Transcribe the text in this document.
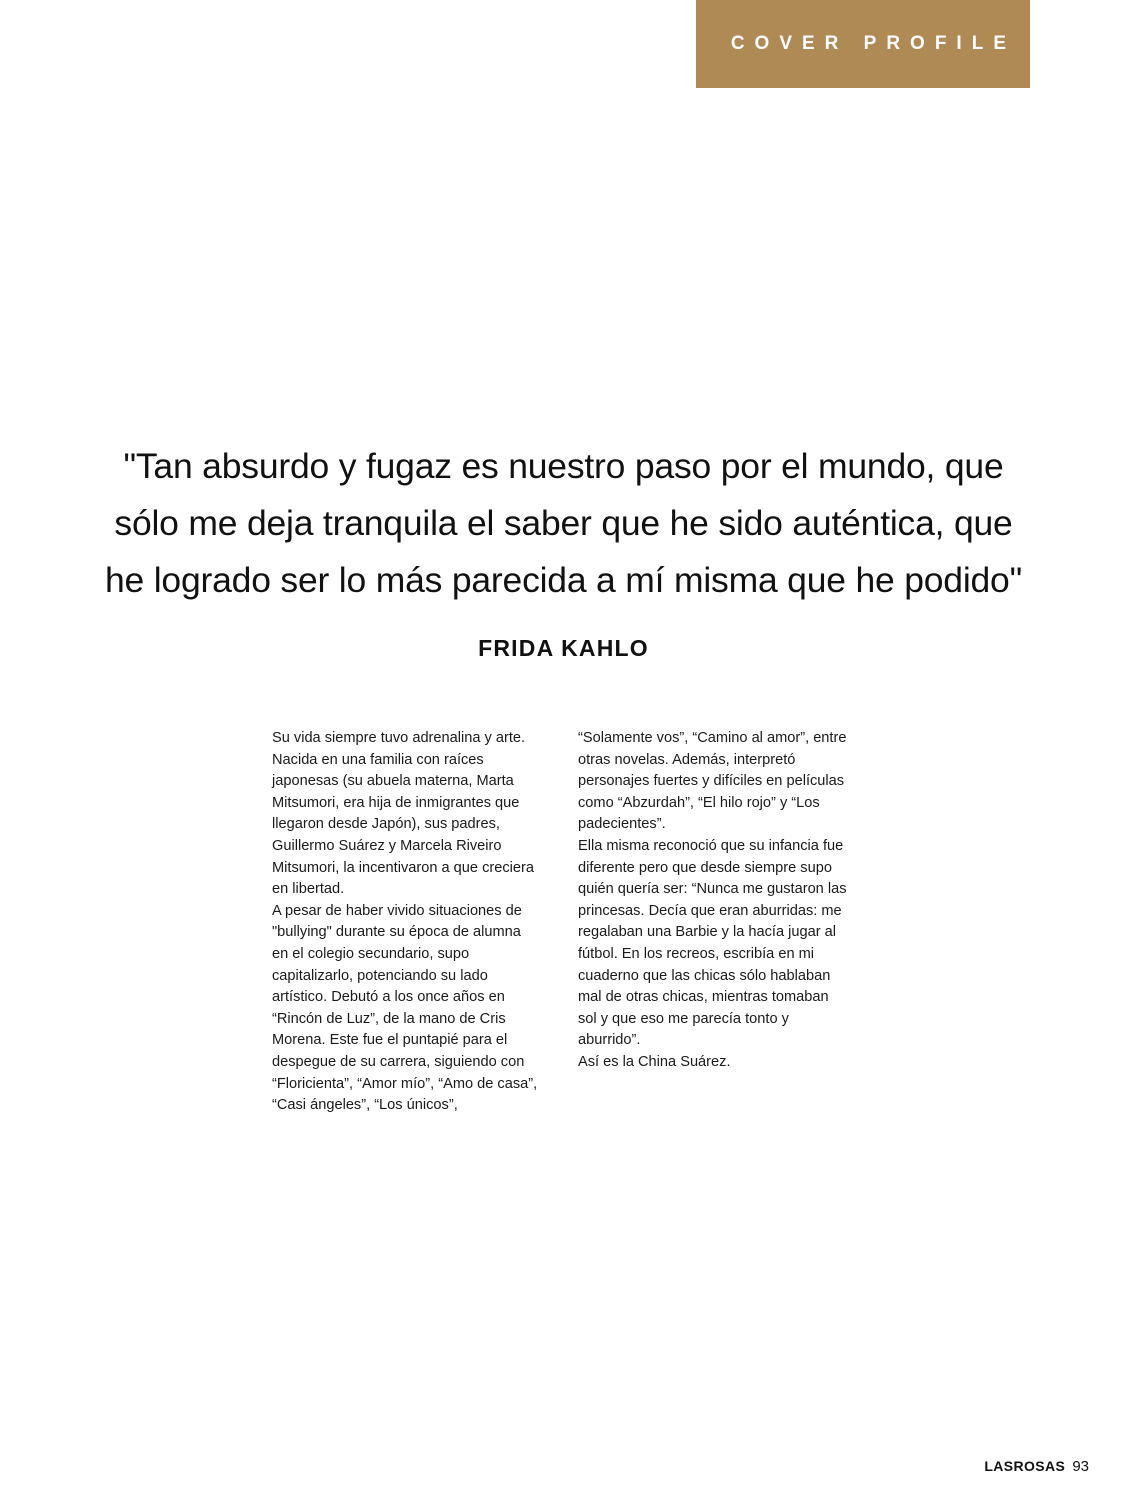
COVER PROFILE

"Tan absurdo y fugaz es nuestro paso por el mundo, que sólo me deja tranquila el saber que he sido auténtica, que he logrado ser lo más parecida a mí misma que he podido"

FRIDA KAHLO

Su vida siempre tuvo adrenalina y arte. Nacida en una familia con raíces japonesas (su abuela materna, Marta Mitsumori, era hija de inmigrantes que llegaron desde Japón), sus padres, Guillermo Suárez y Marcela Riveiro Mitsumori, la incentivaron a que creciera en libertad.
A pesar de haber vivido situaciones de "bullying" durante su época de alumna en el colegio secundario, supo capitalizarlo, potenciando su lado artístico. Debutó a los once años en “Rincón de Luz”, de la mano de Cris Morena. Este fue el puntapié para el despegue de su carrera, siguiendo con “Floricienta”, “Amor mío”, “Amo de casa”, “Casi ángeles”, “Los únicos”,

“Solamente vos”, “Camino al amor”, entre otras novelas. Además, interpretó personajes fuertes y difíciles en películas como “Abzurdah”, “El hilo rojo” y “Los padecientes”.
Ella misma reconoció que su infancia fue diferente pero que desde siempre supo quién quería ser: “Nunca me gustaron las princesas. Decía que eran aburridas: me regalaban una Barbie y la hacía jugar al fútbol. En los recreos, escribía en mi cuaderno que las chicas sólo hablaban mal de otras chicas, mientras tomaban sol y que eso me parecía tonto y aburrido”.
Así es la China Suárez.

LASROSAS 93
